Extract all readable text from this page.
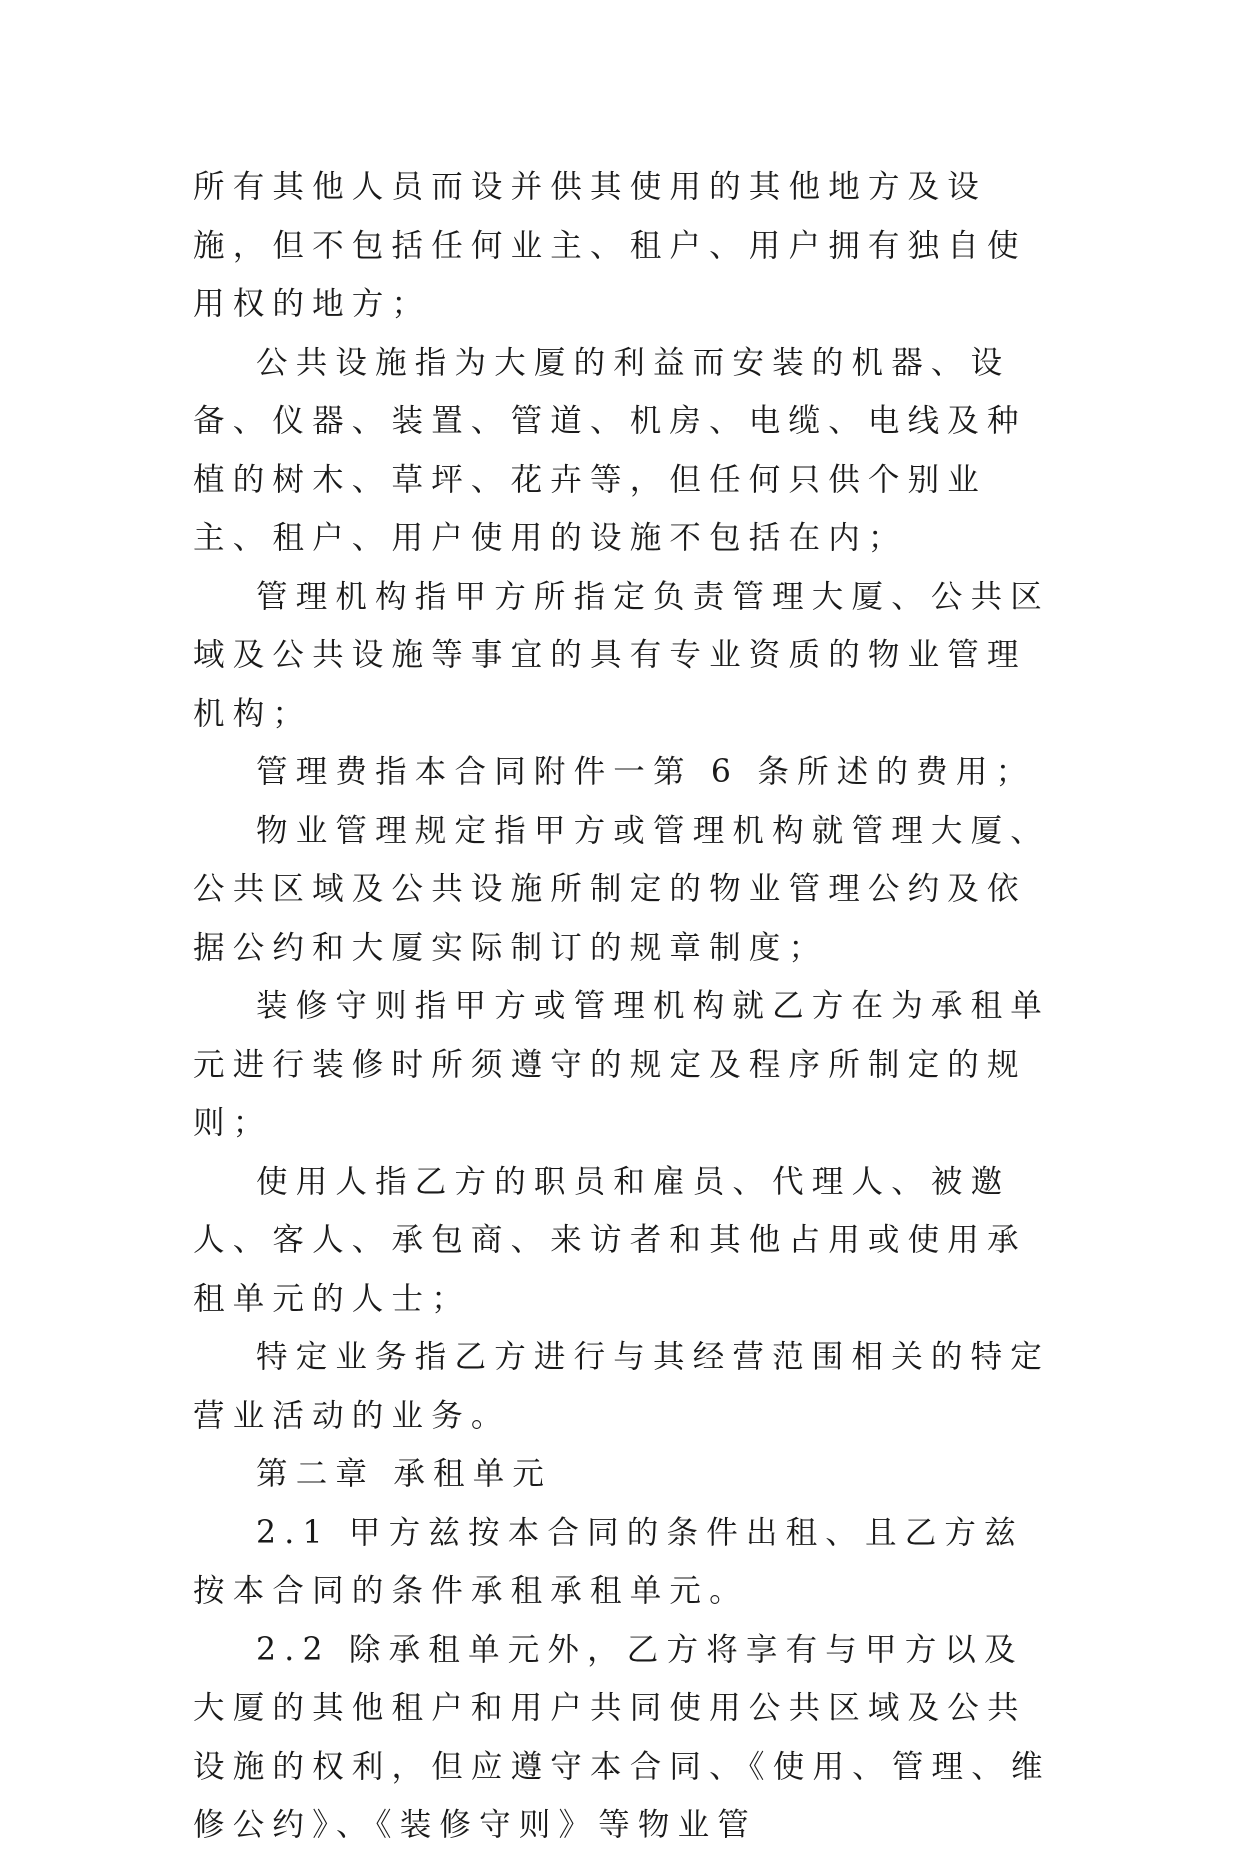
所有其他人员而设并供其使用的其他地方及设施，但不包括任何业主、租户、用户拥有独自使用权的地方；

公共设施指为大厦的利益而安装的机器、设备、仪器、装置、管道、机房、电缆、电线及种植的树木、草坪、花卉等，但任何只供个别业主、租户、用户使用的设施不包括在内；

管理机构指甲方所指定负责管理大厦、公共区域及公共设施等事宜的具有专业资质的物业管理机构；

管理费指本合同附件一第 6 条所述的费用；

物业管理规定指甲方或管理机构就管理大厦、公共区域及公共设施所制定的物业管理公约及依据公约和大厦实际制订的规章制度；

装修守则指甲方或管理机构就乙方在为承租单元进行装修时所须遵守的规定及程序所制定的规则；

使用人指乙方的职员和雇员、代理人、被邀人、客人、承包商、来访者和其他占用或使用承租单元的人士；

特定业务指乙方进行与其经营范围相关的特定营业活动的业务。

第二章 承租单元

2.1 甲方兹按本合同的条件出租、且乙方兹按本合同的条件承租承租单元。

2.2 除承租单元外，乙方将享有与甲方以及大厦的其他租户和用户共同使用公共区域及公共设施的权利，但应遵守本合同、《使用、管理、维修公约》、《装修守则》等物业管
